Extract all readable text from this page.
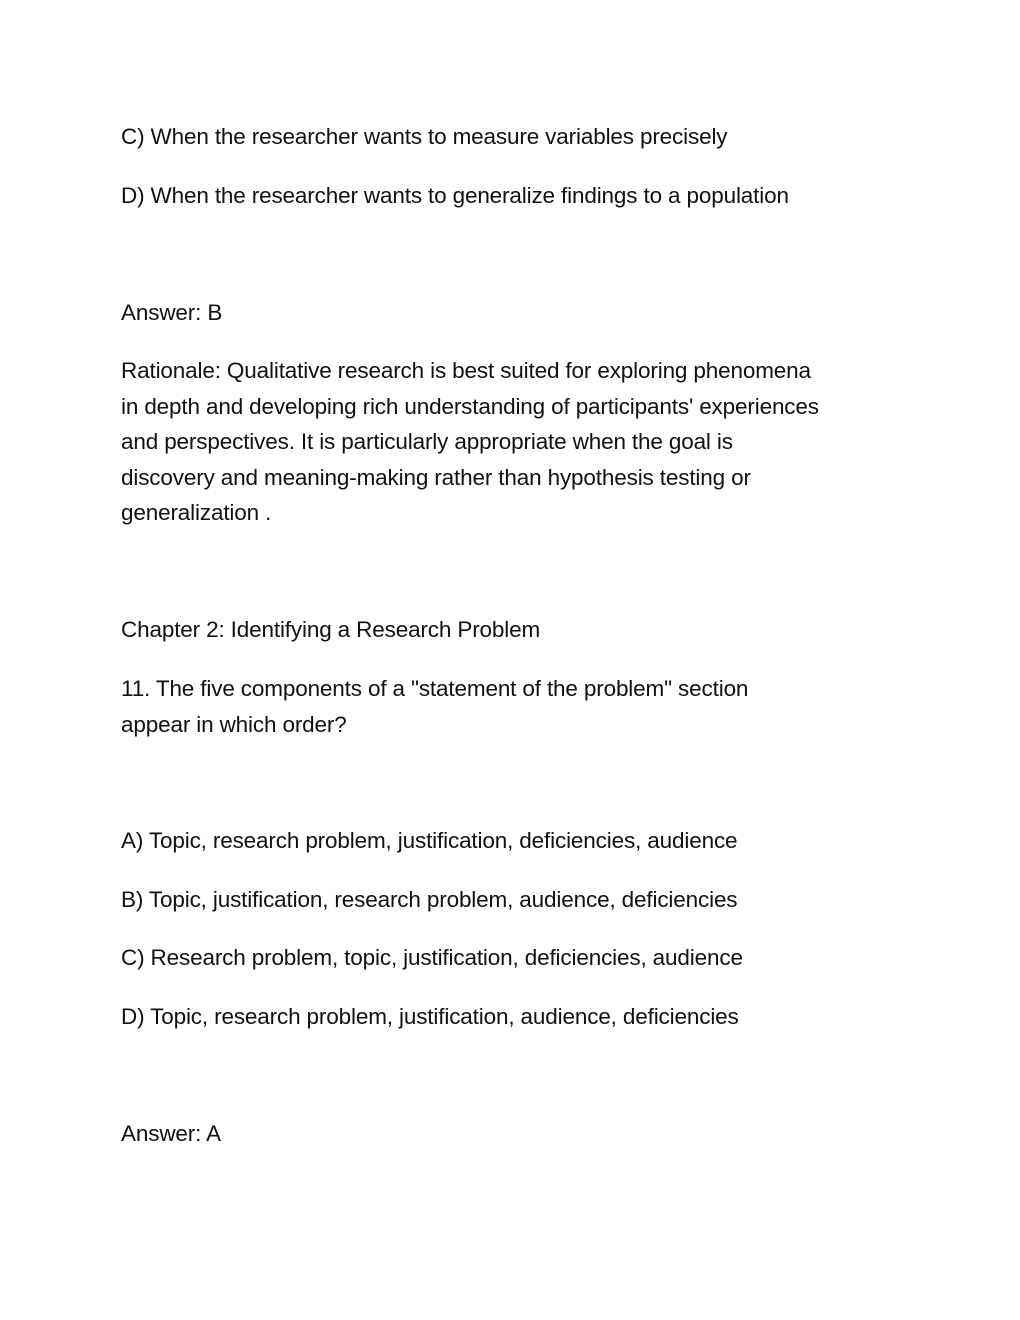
C) When the researcher wants to measure variables precisely
D) When the researcher wants to generalize findings to a population
Answer: B
Rationale: Qualitative research is best suited for exploring phenomena
in depth and developing rich understanding of participants' experiences
and perspectives. It is particularly appropriate when the goal is
discovery and meaning-making rather than hypothesis testing or
generalization .
Chapter 2: Identifying a Research Problem
11. The five components of a "statement of the problem" section
appear in which order?
A) Topic, research problem, justification, deficiencies, audience
B) Topic, justification, research problem, audience, deficiencies
C) Research problem, topic, justification, deficiencies, audience
D) Topic, research problem, justification, audience, deficiencies
Answer: A
